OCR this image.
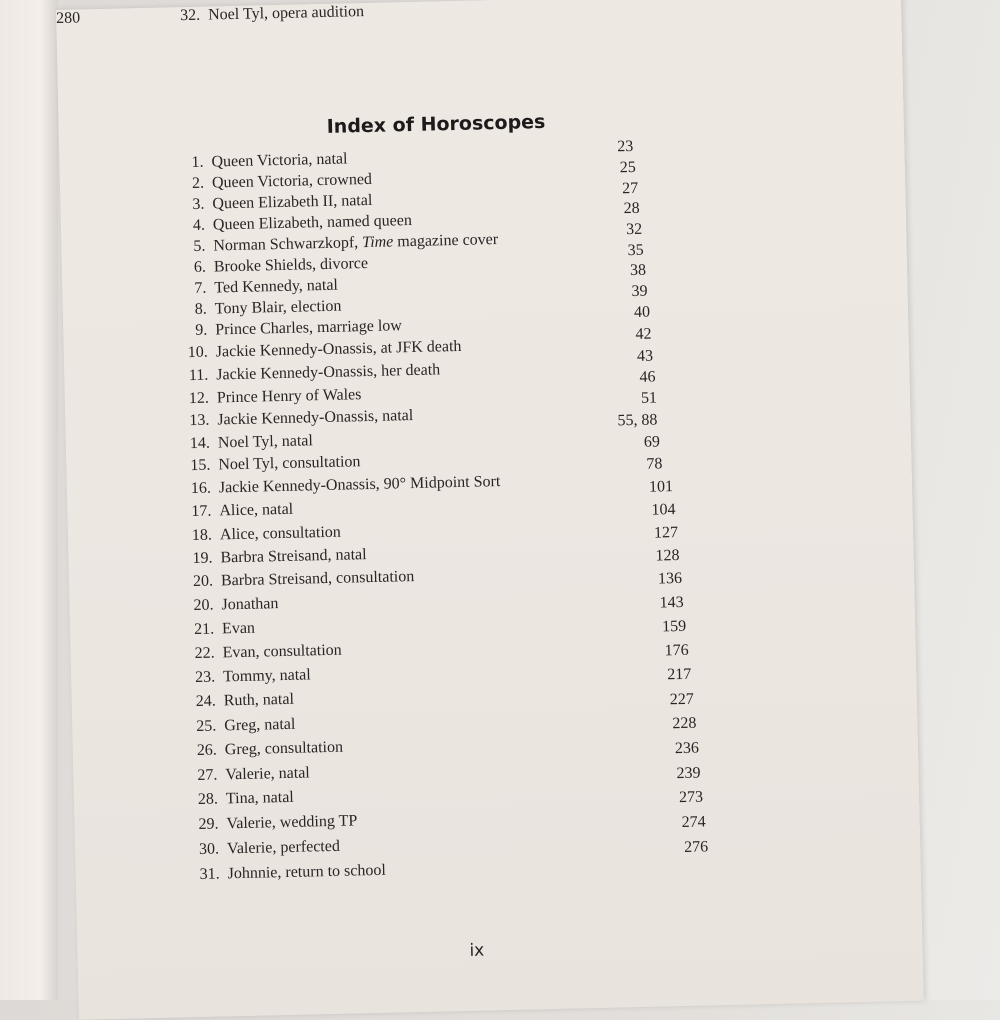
Index of Horoscopes
1. Queen Victoria, natal
23
2. Queen Victoria, crowned
25
3. Queen Elizabeth II, natal
27
4. Queen Elizabeth, named queen
28
5. Norman Schwarzkopf, Time magazine cover
32
6. Brooke Shields, divorce
35
7. Ted Kennedy, natal
38
8. Tony Blair, election
39
9. Prince Charles, marriage low
40
10. Jackie Kennedy-Onassis, at JFK death
42
11. Jackie Kennedy-Onassis, her death
43
12. Prince Henry of Wales
46
13. Jackie Kennedy-Onassis, natal
51
14. Noel Tyl, natal
55, 88
15. Noel Tyl, consultation
69
16. Jackie Kennedy-Onassis, 90° Midpoint Sort
78
17. Alice, natal
101
18. Alice, consultation
104
19. Barbra Streisand, natal
127
20. Barbra Streisand, consultation
128
20. Jonathan
136
21. Evan
143
22. Evan, consultation
159
23. Tommy, natal
176
24. Ruth, natal
217
25. Greg, natal
227
26. Greg, consultation
228
27. Valerie, natal
236
28. Tina, natal
239
29. Valerie, wedding TP
273
30. Valerie, perfected
274
31. Johnnie, return to school
276
32. Noel Tyl, opera audition
280
ix
